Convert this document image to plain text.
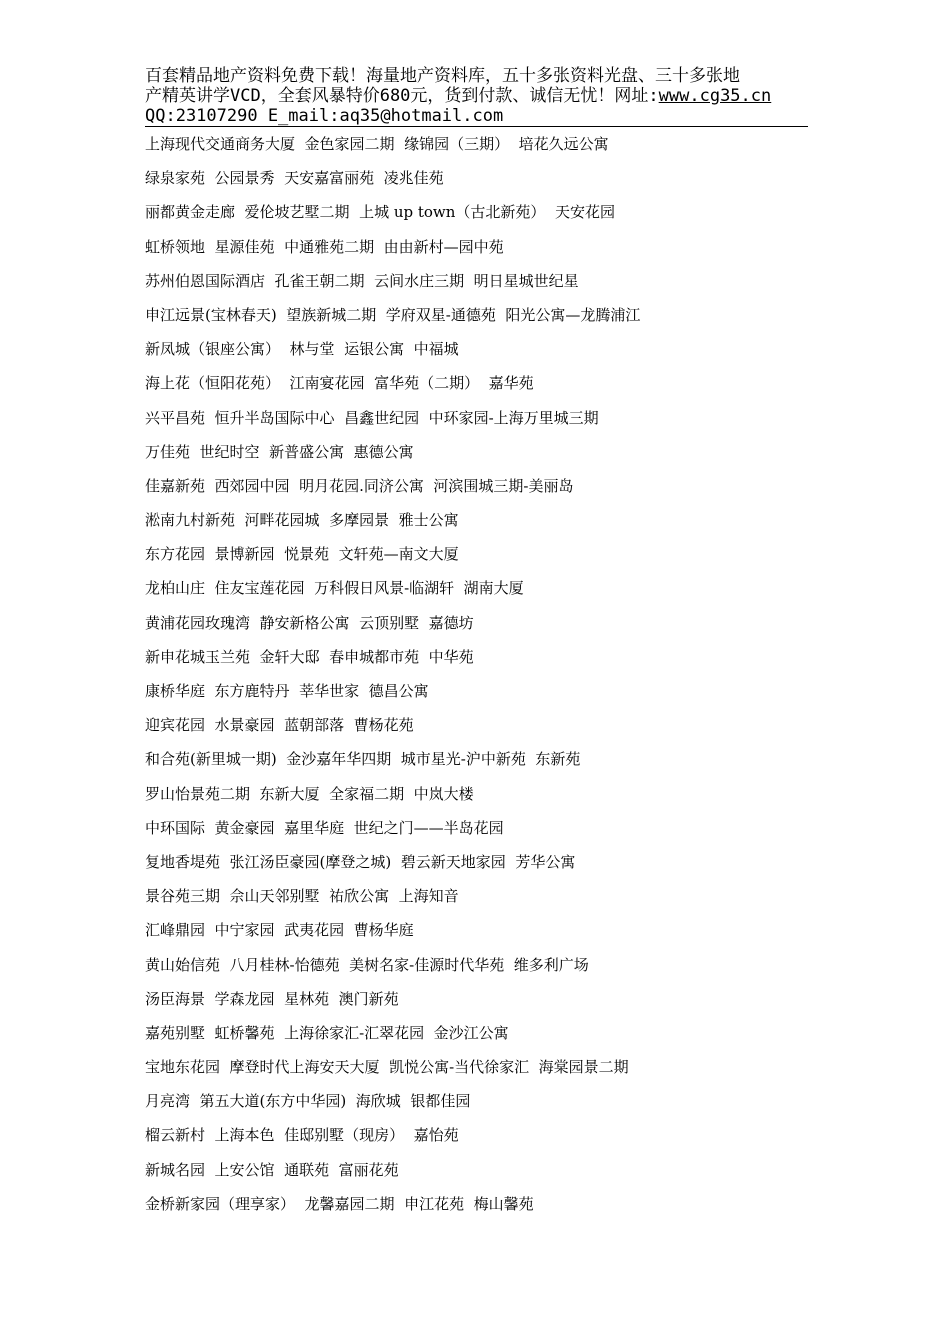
百套精品地产资料免费下载！海量地产资料库，五十多张资料光盘、三十多张地
产精英讲学VCD，全套风暴特价680元，货到付款、诚信无忧！网址:www.cg35.cn
QQ:23107290 E_mail:aq35@hotmail.com
上海现代交通商务大厦  金色家园二期  缘锦园（三期）  培花久远公寓
绿泉家苑  公园景秀  天安嘉富丽苑  凌兆佳苑
丽都黄金走廊  爱伦坡艺墅二期  上城 up town（古北新苑）  天安花园
虹桥领地  星源佳苑  中通雅苑二期  由由新村—园中苑
苏州伯恩国际酒店  孔雀王朝二期  云间水庄三期  明日星城世纪星
申江远景(宝林春天)  望族新城二期  学府双星-通德苑  阳光公寓—龙腾浦江
新凤城（银座公寓）  林与堂  运银公寓  中福城
海上花（恒阳花苑）  江南宴花园  富华苑（二期）  嘉华苑
兴平昌苑  恒升半岛国际中心  昌鑫世纪园  中环家园-上海万里城三期
万佳苑  世纪时空  新普盛公寓  惠德公寓
佳嘉新苑  西郊园中园  明月花园.同济公寓  河滨围城三期-美丽岛
淞南九村新苑  河畔花园城  多摩园景  雅士公寓
东方花园  景博新园  悦景苑  文轩苑—南文大厦
龙柏山庄  住友宝莲花园  万科假日风景-临湖轩  湖南大厦
黄浦花园玫瑰湾  静安新格公寓  云顶别墅  嘉德坊
新申花城玉兰苑  金轩大邸  春申城都市苑  中华苑
康桥华庭  东方鹿特丹  莘华世家  德昌公寓
迎宾花园  水景豪园  蓝朝部落  曹杨花苑
和合苑(新里城一期)  金沙嘉年华四期  城市星光-沪中新苑  东新苑
罗山怡景苑二期  东新大厦  全家福二期  中岚大楼
中环国际  黄金豪园  嘉里华庭  世纪之门——半岛花园
复地香堤苑  张江汤臣豪园(摩登之城)  碧云新天地家园  芳华公寓
景谷苑三期  佘山天邻别墅  祐欣公寓  上海知音
汇峰鼎园  中宁家园  武夷花园  曹杨华庭
黄山始信苑  八月桂林-怡德苑  美树名家-佳源时代华苑  维多利广场
汤臣海景  学森龙园  星林苑  澳门新苑
嘉苑别墅  虹桥馨苑  上海徐家汇-汇翠花园  金沙江公寓
宝地东花园  摩登时代上海安天大厦  凯悦公寓-当代徐家汇  海棠园景二期
月亮湾  第五大道(东方中华园)  海欣城  银都佳园
榴云新村  上海本色  佳邸别墅（现房）  嘉怡苑
新城名园  上安公馆  通联苑  富丽花苑
金桥新家园（理享家）  龙馨嘉园二期  申江花苑  梅山馨苑
